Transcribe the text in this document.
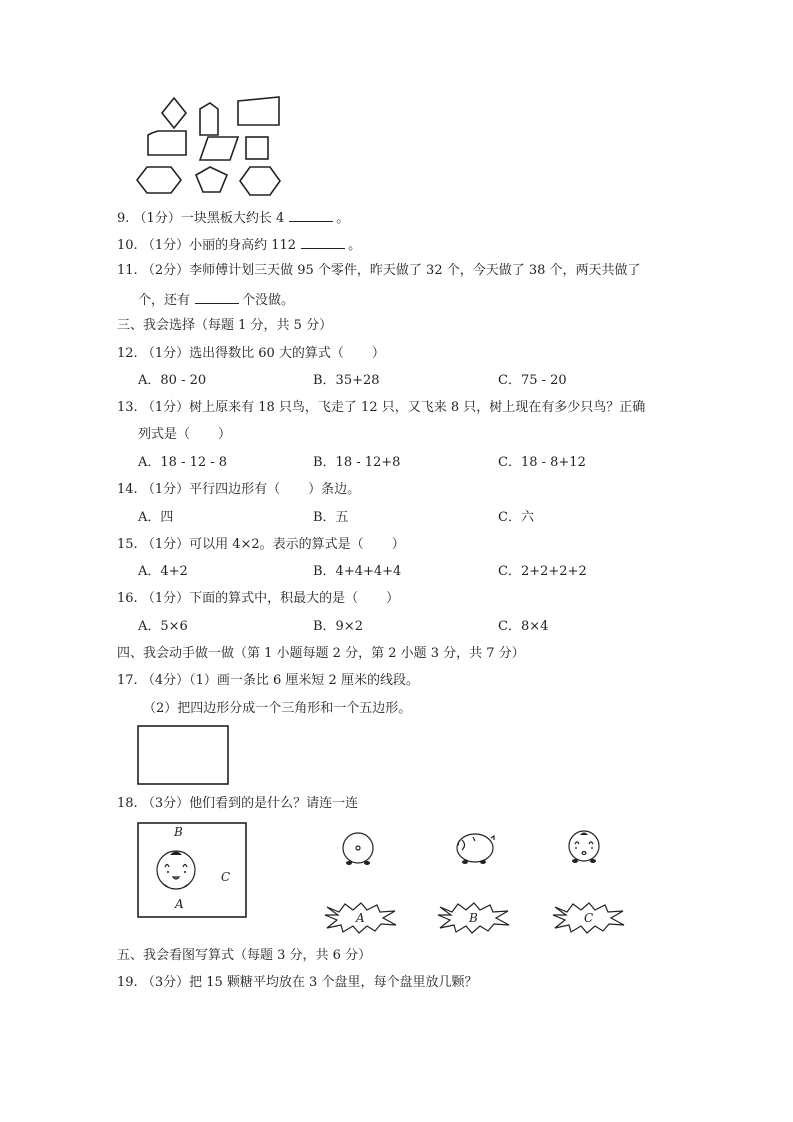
9. （1分）一块黑板大约长 4	。
10. （1分）小丽的身高约 112	。
11. （2分）李师傅计划三天做 95 个零件，昨天做了 32 个，今天做了 38 个，两天共做了
个，还有	个没做。
三、我会选择（每题 1 分，共 5 分）
12. （1分）选出得数比 60 大的算式（ ）
A．80 - 20	B．35+28	C．75 - 20
13. （1分）树上原来有 18 只鸟，飞走了 12 只，又飞来 8 只，树上现在有多少只鸟？正确
列式是（ ）
A．18 - 12 - 8	B．18 - 12+8	C．18 - 8+12
14. （1分）平行四边形有（ ）条边。
A．四	B．五	C．六
15. （1分）可以用 4×2。表示的算式是（ ）
A．4+2	B．4+4+4+4	C．2+2+2+2
16. （1分）下面的算式中，积最大的是（ ）
A．5×6	B．9×2	C．8×4
四、我会动手做一做（第 1 小题每题 2 分，第 2 小题 3 分，共 7 分）
17. （4分）（1）画一条比 6 厘米短 2 厘米的线段。
（2）把四边形分成一个三角形和一个五边形。
18. （3分）他们看到的是什么？请连一连
B
C
A
A	B	C
五、我会看图写算式（每题 3 分，共 6 分）
19. （3分）把 15 颗糖平均放在 3 个盘里，每个盘里放几颗？
